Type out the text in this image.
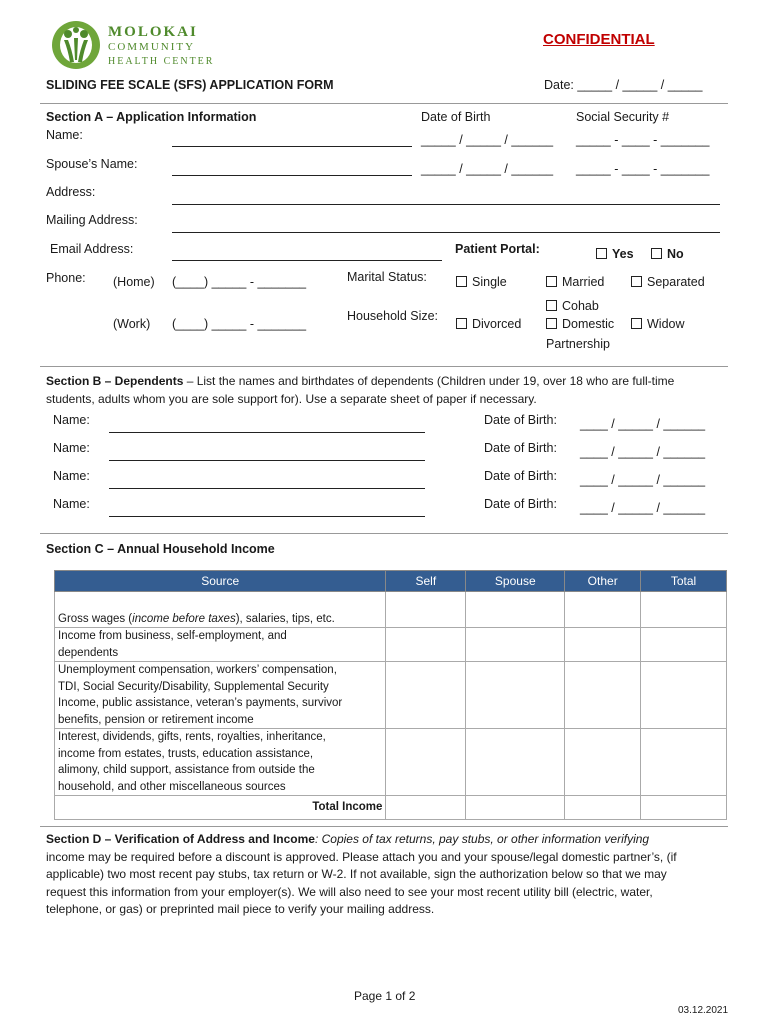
MOLOKAI
COMMUNITY
HEALTH CENTER
CONFIDENTIAL
SLIDING FEE SCALE (SFS) APPLICATION FORM	Date: _____ / _____ / _____
Section A – Application Information	Date of Birth	Social Security #
Name:	_____ / _____ / ______ _____ - ____ - _______
Spouse’s Name:	_____ / _____ / ______ _____ - ____ - _______
Address:
Mailing Address:
Email Address:	Patient Portal:	Yes	No
Phone: (Home) (____) _____ - _______
(Work) (____) _____ - _______
Marital Status:
Household Size:
Single	Married	Separated
Cohab
Divorced	Domestic
Partnership
Widow
Section B – Dependents – List the names and birthdates of dependents (Children under 19, over 18 who are full-time
students, adults whom you are sole support for). Use a separate sheet of paper if necessary.
Name:	Date of Birth: ____ / _____ / ______
Name:	Date of Birth: ____ / _____ / ______
Name:	Date of Birth: ____ / _____ / ______
Name:	Date of Birth: ____ / _____ / ______
Section C – Annual Household Income
Source	Self	Spouse	Other	Total
Gross wages (income before taxes), salaries, tips, etc.				
Income from business, self-employment, and
dependents				
Unemployment compensation, workers’ compensation,
TDI, Social Security/Disability, Supplemental Security
Income, public assistance, veteran’s payments, survivor
benefits, pension or retirement income				
Interest, dividends, gifts, rents, royalties, inheritance,
income from estates, trusts, education assistance,
alimony, child support, assistance from outside the
household, and other miscellaneous sources				
Total Income				
Section D – Verification of Address and Income: Copies of tax returns, pay stubs, or other information verifying
income may be required before a discount is approved. Please attach you and your spouse/legal domestic partner’s, (if
applicable) two most recent pay stubs, tax return or W-2. If not available, sign the authorization below so that we may
request this information from your employer(s). We will also need to see your most recent utility bill (electric, water,
telephone, or gas) or preprinted mail piece to verify your mailing address.
Page 1 of 2
03.12.2021
